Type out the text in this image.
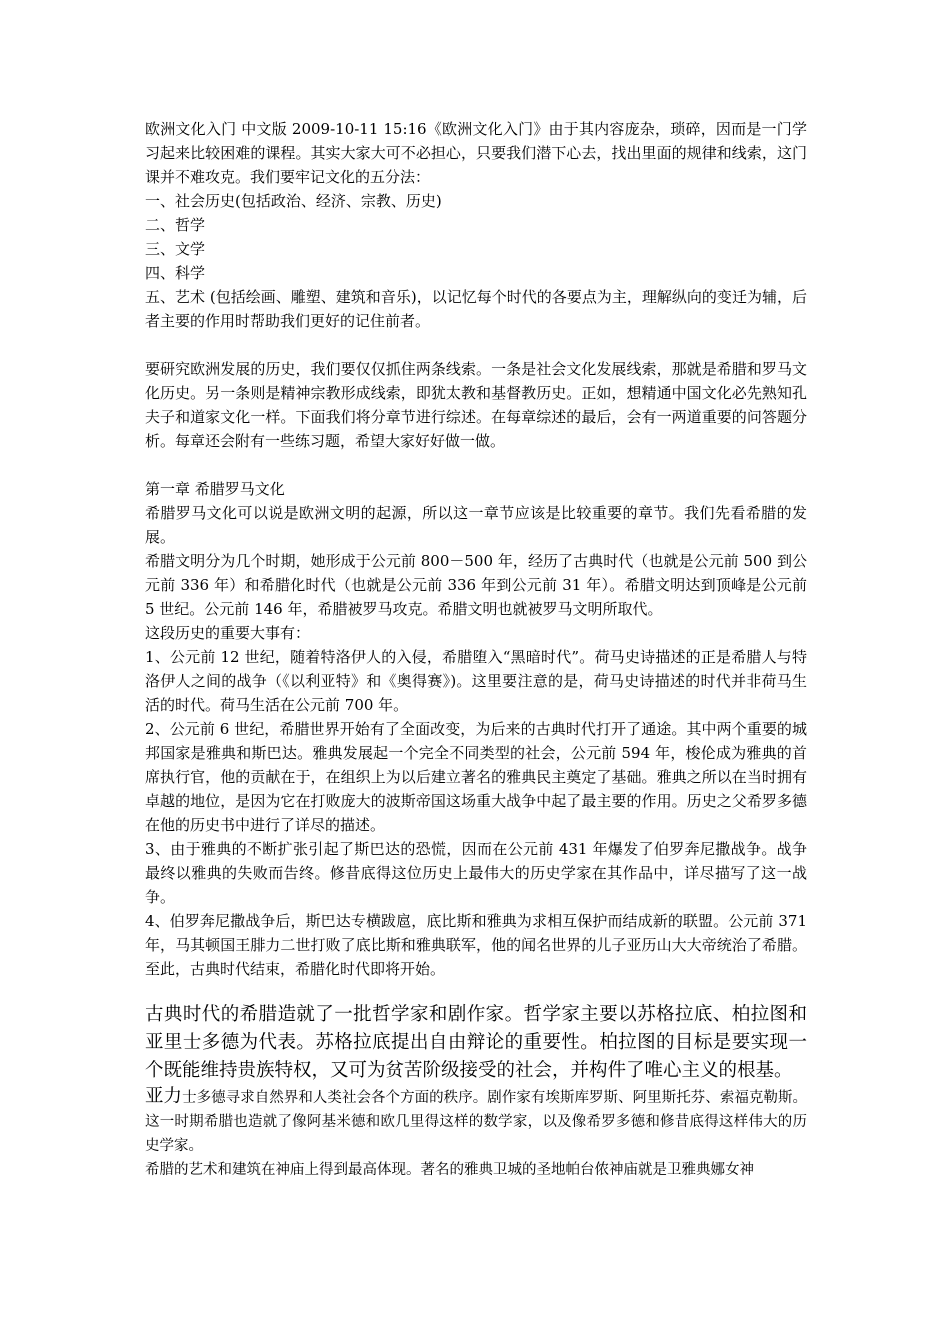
欧洲文化入门 中文版 2009-10-11 15:16《欧洲文化入门》由于其内容庞杂，琐碎，因而是一门学习起来比较困难的课程。其实大家大可不必担心，只要我们潜下心去，找出里面的规律和线索，这门课并不难攻克。我们要牢记文化的五分法：

一、社会历史(包括政治、经济、宗教、历史)

二、哲学

三、文学

四、科学

五、艺术 (包括绘画、雕塑、建筑和音乐)，以记忆每个时代的各要点为主，理解纵向的变迁为辅，后者主要的作用时帮助我们更好的记住前者。

要研究欧洲发展的历史，我们要仅仅抓住两条线索。一条是社会文化发展线索，那就是希腊和罗马文化历史。另一条则是精神宗教形成线索，即犹太教和基督教历史。正如，想精通中国文化必先熟知孔夫子和道家文化一样。下面我们将分章节进行综述。在每章综述的最后，会有一两道重要的问答题分析。每章还会附有一些练习题，希望大家好好做一做。

第一章 希腊罗马文化

希腊罗马文化可以说是欧洲文明的起源，所以这一章节应该是比较重要的章节。我们先看希腊的发展。

希腊文明分为几个时期，她形成于公元前 800－500 年，经历了古典时代（也就是公元前 500 到公元前 336 年）和希腊化时代（也就是公元前 336 年到公元前 31 年）。希腊文明达到顶峰是公元前 5 世纪。公元前 146 年，希腊被罗马攻克。希腊文明也就被罗马文明所取代。

这段历史的重要大事有：

1、公元前 12 世纪，随着特洛伊人的入侵，希腊堕入“黑暗时代”。荷马史诗描述的正是希腊人与特洛伊人之间的战争（《以利亚特》和《奥得赛》)。这里要注意的是，荷马史诗描述的时代并非荷马生活的时代。荷马生活在公元前 700 年。

2、公元前 6 世纪，希腊世界开始有了全面改变，为后来的古典时代打开了通途。其中两个重要的城邦国家是雅典和斯巴达。雅典发展起一个完全不同类型的社会，公元前 594 年，梭伦成为雅典的首席执行官，他的贡献在于，在组织上为以后建立著名的雅典民主奠定了基础。雅典之所以在当时拥有卓越的地位，是因为它在打败庞大的波斯帝国这场重大战争中起了最主要的作用。历史之父希罗多德在他的历史书中进行了详尽的描述。

3、由于雅典的不断扩张引起了斯巴达的恐慌，因而在公元前 431 年爆发了伯罗奔尼撒战争。战争最终以雅典的失败而告终。修昔底得这位历史上最伟大的历史学家在其作品中，详尽描写了这一战争。

4、伯罗奔尼撒战争后，斯巴达专横跋扈，底比斯和雅典为求相互保护而结成新的联盟。公元前 371 年，马其顿国王腓力二世打败了底比斯和雅典联军，他的闻名世界的儿子亚历山大大帝统治了希腊。至此，古典时代结束，希腊化时代即将开始。

古典时代的希腊造就了一批哲学家和剧作家。哲学家主要以苏格拉底、柏拉图和亚里士多德为代表。苏格拉底提出自由辩论的重要性。柏拉图的目标是要实现一个既能维持贵族特权，又可为贫苦阶级接受的社会，并构件了唯心主义的根基。

亚力士多德寻求自然界和人类社会各个方面的秩序。剧作家有埃斯库罗斯、阿里斯托芬、索福克勒斯。这一时期希腊也造就了像阿基米德和欧几里得这样的数学家，以及像希罗多德和修昔底得这样伟大的历史学家。

希腊的艺术和建筑在神庙上得到最高体现。著名的雅典卫城的圣地帕台侬神庙就是卫雅典娜女神
